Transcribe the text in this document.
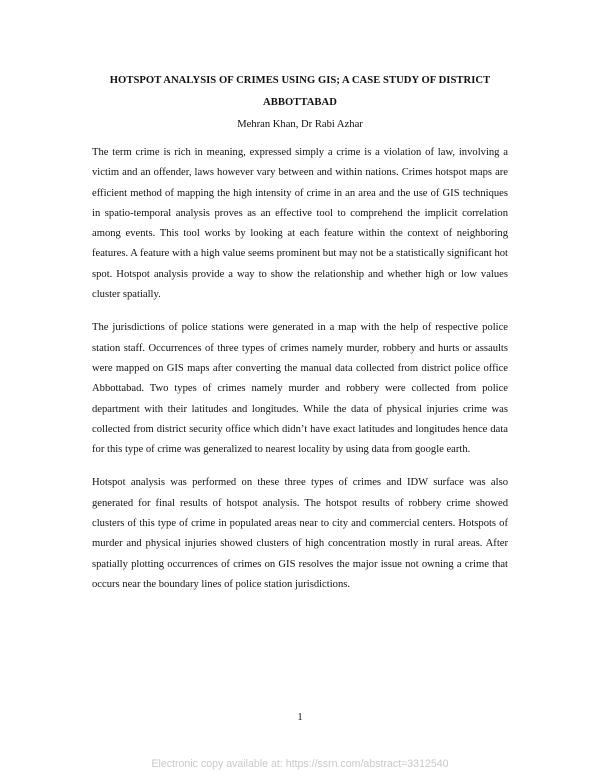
HOTSPOT ANALYSIS OF CRIMES USING GIS; A CASE STUDY OF DISTRICT ABBOTTABAD
Mehran Khan, Dr Rabi Azhar

The term crime is rich in meaning, expressed simply a crime is a violation of law, involving a victim and an offender, laws however vary between and within nations. Crimes hotspot maps are efficient method of mapping the high intensity of crime in an area and the use of GIS techniques in spatio-temporal analysis proves as an effective tool to comprehend the implicit correlation among events. This tool works by looking at each feature within the context of neighboring features. A feature with a high value seems prominent but may not be a statistically significant hot spot. Hotspot analysis provide a way to show the relationship and whether high or low values cluster spatially.

The jurisdictions of police stations were generated in a map with the help of respective police station staff. Occurrences of three types of crimes namely murder, robbery and hurts or assaults were mapped on GIS maps after converting the manual data collected from district police office Abbottabad. Two types of crimes namely murder and robbery were collected from police department with their latitudes and longitudes. While the data of physical injuries crime was collected from district security office which didn’t have exact latitudes and longitudes hence data for this type of crime was generalized to nearest locality by using data from google earth.

Hotspot analysis was performed on these three types of crimes and IDW surface was also generated for final results of hotspot analysis. The hotspot results of robbery crime showed clusters of this type of crime in populated areas near to city and commercial centers. Hotspots of murder and physical injuries showed clusters of high concentration mostly in rural areas. After spatially plotting occurrences of crimes on GIS resolves the major issue not owning a crime that occurs near the boundary lines of police station jurisdictions.

1
Electronic copy available at: https://ssrn.com/abstract=3312540
